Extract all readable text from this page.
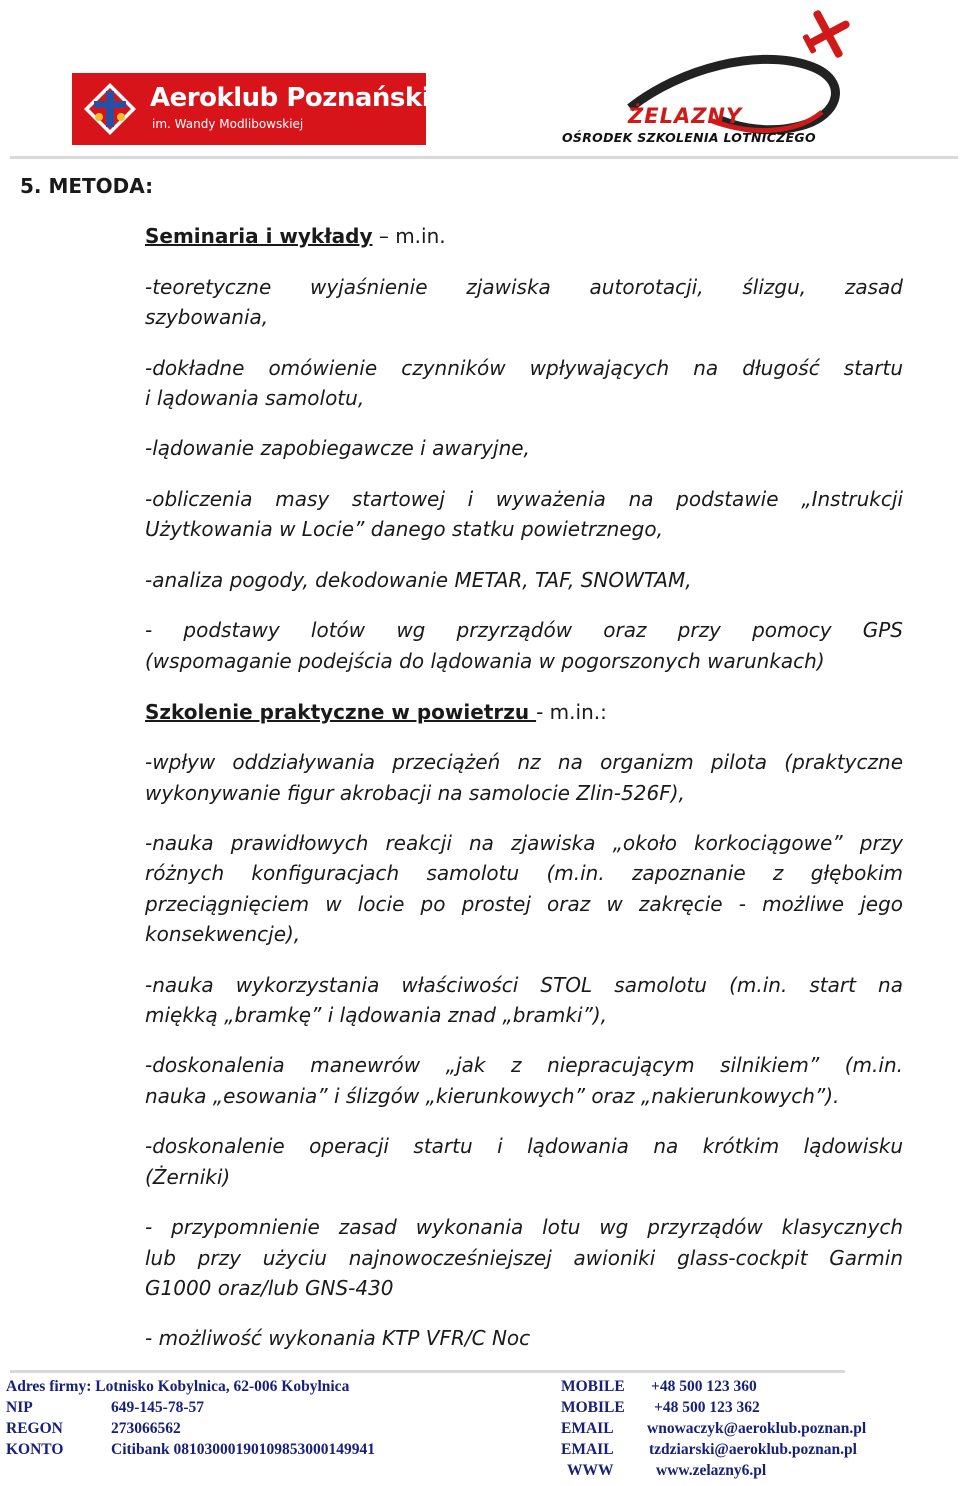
Aeroklub Poznański
im. Wandy Modlibowskiej	ŻELAZNY
OŚRODEK SZKOLENIA LOTNICZEGO
5. METODA:
Seminaria i wykłady – m.in.
-teoretyczne wyjaśnienie zjawiska autorotacji, ślizgu, zasad
szybowania,
-dokładne omówienie czynników wpływających na długość startu
i lądowania samolotu,
-lądowanie zapobiegawcze i awaryjne,
-obliczenia masy startowej i wyważenia na podstawie „Instrukcji
Użytkowania w Locie” danego statku powietrznego,
-analiza pogody, dekodowanie METAR, TAF, SNOWTAM,
- podstawy lotów wg przyrządów oraz przy pomocy GPS
(wspomaganie podejścia do lądowania w pogorszonych warunkach)
Szkolenie praktyczne w powietrzu - m.in.:
-wpływ oddziaływania przeciążeń nz na organizm pilota (praktyczne
wykonywanie figur akrobacji na samolocie Zlin-526F),
-nauka prawidłowych reakcji na zjawiska „około korkociągowe” przy
różnych konfiguracjach samolotu (m.in. zapoznanie z głębokim
przeciągnięciem w locie po prostej oraz w zakręcie - możliwe jego
konsekwencje),
-nauka wykorzystania właściwości STOL samolotu (m.in. start na
miękką „bramkę” i lądowania znad „bramki”),
-doskonalenia manewrów „jak z niepracującym silnikiem” (m.in.
nauka „esowania” i ślizgów „kierunkowych” oraz „nakierunkowych”).
-doskonalenie operacji startu i lądowania na krótkim lądowisku
(Żerniki)
- przypomnienie zasad wykonania lotu wg przyrządów klasycznych
lub przy użyciu najnowocześniejszej awioniki glass-cockpit Garmin
G1000 oraz/lub GNS-430
- możliwość wykonania KTP VFR/C Noc
Adres firmy: Lotnisko Kobylnica, 62-006 Kobylnica	MOBILE +48 500 123 360
NIP	649-145-78-57	MOBILE +48 500 123 362
REGON	273066562	EMAIL wnowaczyk@aeroklub.poznan.pl
KONTO	Citibank 08103000190109853000149941	EMAIL tzdziarski@aeroklub.poznan.pl
WWW	www.zelazny6.pl
